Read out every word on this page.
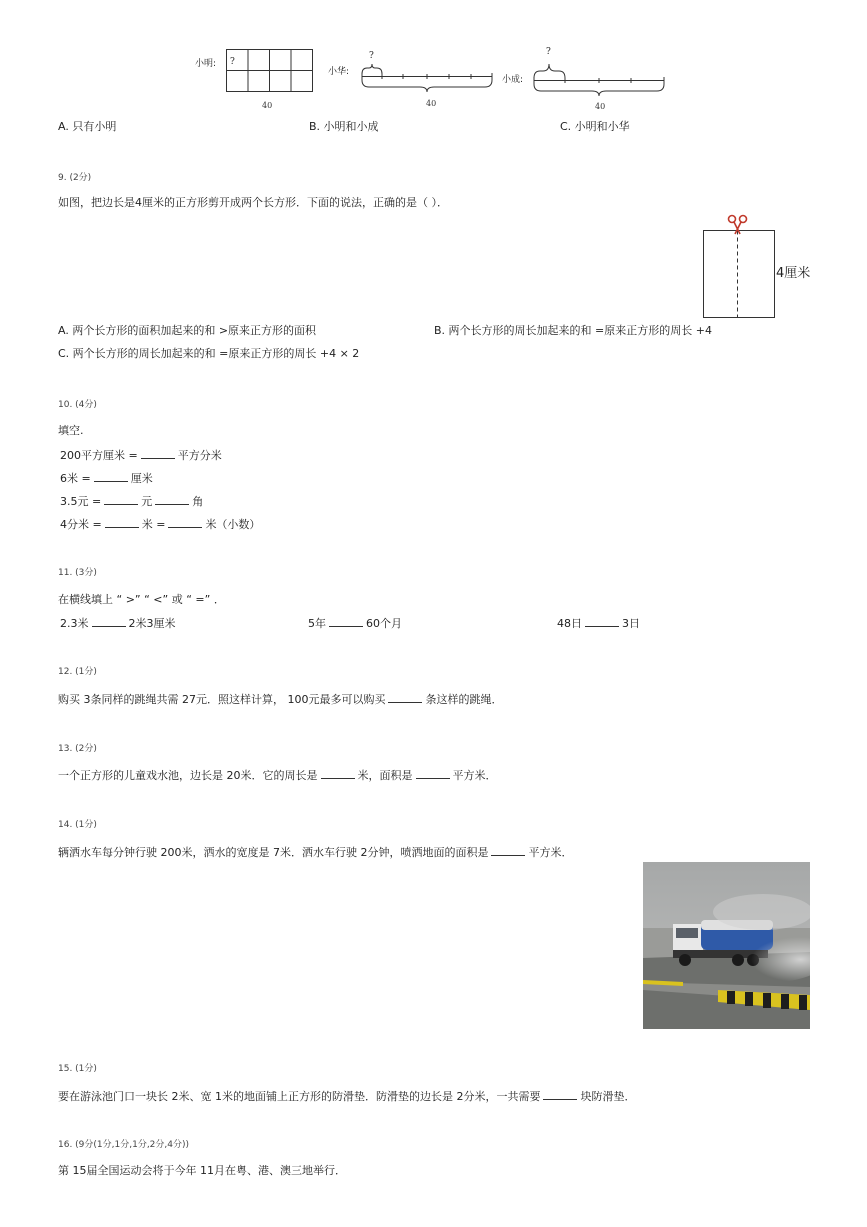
小明:
小华:
小成:
?
40
?
40
?
40
A. 只有小明	B. 小明和小成	C. 小明和小华
9. (2分)
如图，把边长是4厘米的正方形剪开成两个长方形．下面的说法，正确的是（ ）．
4厘米
A. 两个长方形的面积加起来的和 >原来正方形的面积	B. 两个长方形的周长加起来的和 =原来正方形的周长 +4
C. 两个长方形的周长加起来的和 =原来正方形的周长 +4 × 2
10. (4分)
填空.
200平方厘米 =	平方分米
6米 =	厘米
3.5元 =	元	角
4分米 =	米 =	米（小数）
11. (3分)
在横线填上 “ >” “ <” 或 “ =” ．
2.3米	2米3厘米	5年	60个月	48日	3日
12. (1分)
购买 3条同样的跳绳共需 27元．照这样计算， 100元最多可以购买	条这样的跳绳．
13. (2分)
一个正方形的儿童戏水池，边长是 20米．它的周长是	米，面积是	平方米．
14. (1分)
辆洒水车每分钟行驶 200米，洒水的宽度是 7米．洒水车行驶 2分钟，喷洒地面的面积是	平方米．
15. (1分)
要在游泳池门口一块长 2米、宽 1米的地面铺上正方形的防滑垫．防滑垫的边长是 2分米，一共需要	块防滑垫．
16. (9分(1分,1分,1分,2分,4分))
第 15届全国运动会将于今年 11月在粤、港、澳三地举行．
